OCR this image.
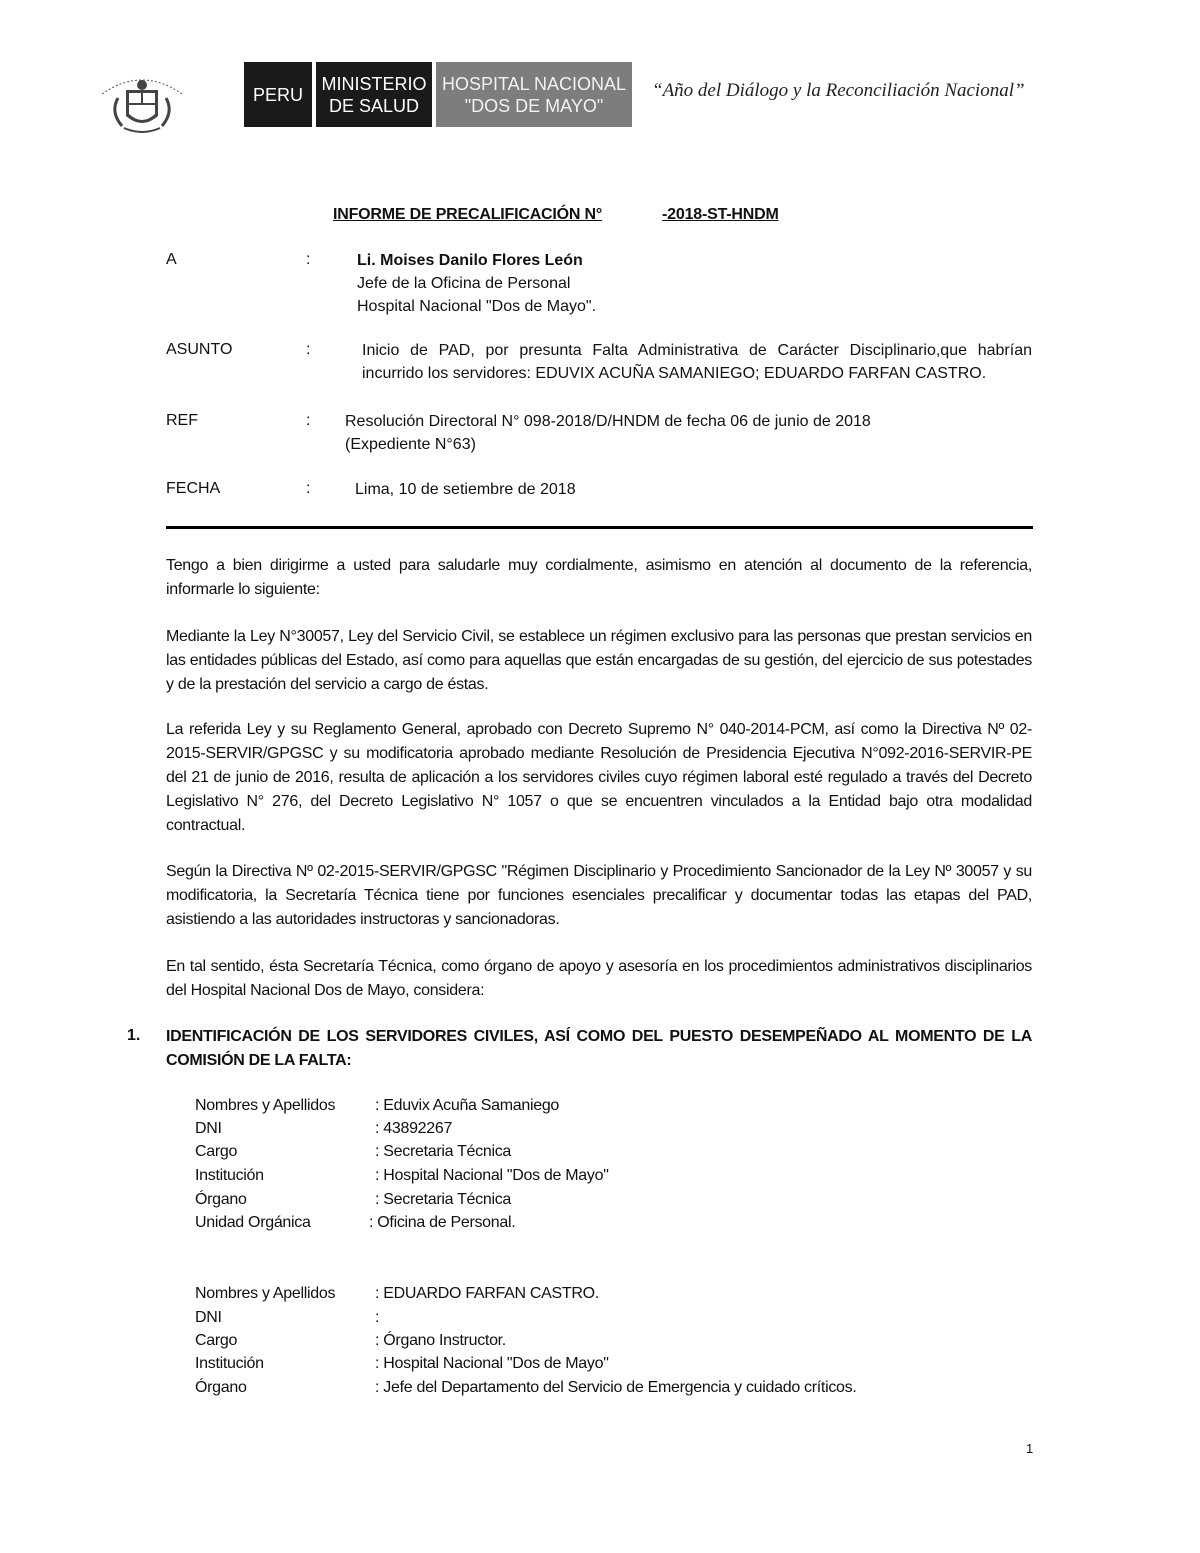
PERU
MINISTERIO
DE SALUD
HOSPITAL NACIONAL
"DOS DE MAYO"
“Año del Diálogo y la Reconciliación Nacional”
INFORME DE PRECALIFICACIÓN N°	-2018-ST-HNDM
A	:	Li. Moises Danilo Flores León
Jefe de la Oficina de Personal
Hospital Nacional "Dos de Mayo".
ASUNTO	:	Inicio de PAD, por presunta Falta Administrativa de Carácter Disciplinario,que habrían incurrido los servidores: EDUVIX ACUÑA SAMANIEGO; EDUARDO FARFAN CASTRO.
REF	: Resolución Directoral N° 098-2018/D/HNDM de fecha 06 de junio de 2018
(Expediente N°63)
FECHA	:	Lima, 10 de setiembre de 2018
Tengo a bien dirigirme a usted para saludarle muy cordialmente, asimismo en atención al documento de la referencia, informarle lo siguiente:
Mediante la Ley N°30057, Ley del Servicio Civil, se establece un régimen exclusivo para las personas que prestan servicios en las entidades públicas del Estado, así como para aquellas que están encargadas de su gestión, del ejercicio de sus potestades y de la prestación del servicio a cargo de éstas.
La referida Ley y su Reglamento General, aprobado con Decreto Supremo N° 040-2014-PCM, así como la Directiva Nº 02-2015-SERVIR/GPGSC y su modificatoria aprobado mediante Resolución de Presidencia Ejecutiva N°092-2016-SERVIR-PE del 21 de junio de 2016, resulta de aplicación a los servidores civiles cuyo régimen laboral esté regulado a través del Decreto Legislativo N° 276, del Decreto Legislativo N° 1057 o que se encuentren vinculados a la Entidad bajo otra modalidad contractual.
Según la Directiva Nº 02-2015-SERVIR/GPGSC "Régimen Disciplinario y Procedimiento Sancionador de la Ley Nº 30057 y su modificatoria, la Secretaría Técnica tiene por funciones esenciales precalificar y documentar todas las etapas del PAD, asistiendo a las autoridades instructoras y sancionadoras.
En tal sentido, ésta Secretaría Técnica, como órgano de apoyo y asesoría en los procedimientos administrativos disciplinarios del Hospital Nacional Dos de Mayo, considera:
1. IDENTIFICACIÓN DE LOS SERVIDORES CIVILES, ASÍ COMO DEL PUESTO DESEMPEÑADO AL MOMENTO DE LA COMISIÓN DE LA FALTA:
Nombres y Apellidos : Eduvix Acuña Samaniego
DNI	: 43892267
Cargo	: Secretaria Técnica
Institución	: Hospital Nacional "Dos de Mayo"
Órgano	: Secretaria Técnica
Unidad Orgánica	: Oficina de Personal.
Nombres y Apellidos : EDUARDO FARFAN CASTRO.
DNI	:
Cargo	: Órgano Instructor.
Institución	: Hospital Nacional "Dos de Mayo"
Órgano	: Jefe del Departamento del Servicio de Emergencia y cuidado críticos.
1
